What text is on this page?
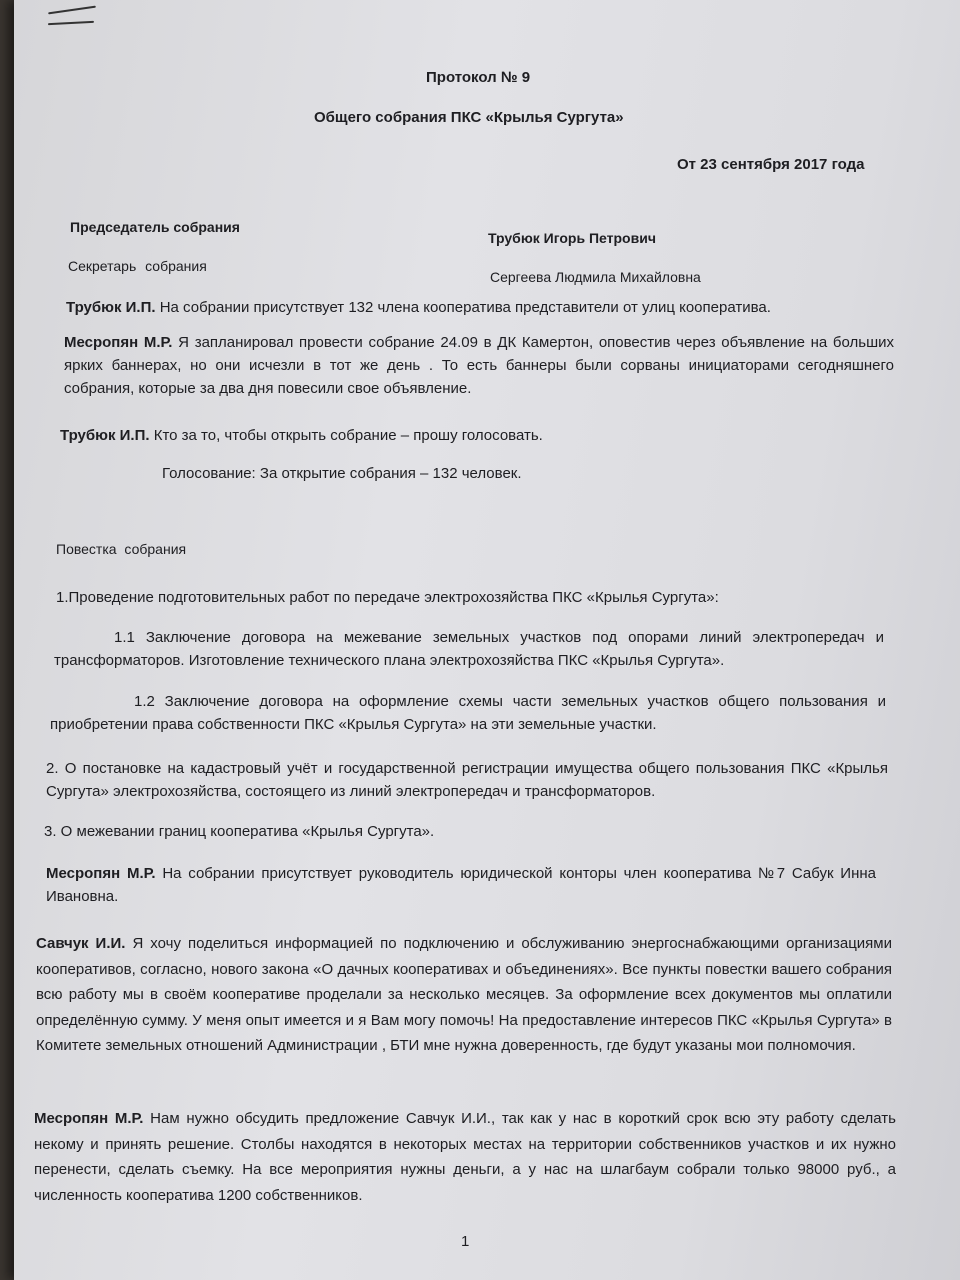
Протокол № 9
Общего собрания ПКС «Крылья Сургута»
От 23 сентября 2017 года
Председатель собрания
Трубюк Игорь Петрович
Секретарь собрания
Сергеева Людмила Михайловна
Трубюк И.П. На собрании присутствует 132 члена кооператива представители от улиц кооператива.
Месропян М.Р. Я запланировал провести собрание 24.09 в ДК Камертон, оповестив через объявление на больших ярких баннерах, но они исчезли в тот же день . То есть баннеры были сорваны инициаторами сегодняшнего собрания, которые за два дня повесили свое объявление.
Трубюк И.П. Кто за то, чтобы открыть собрание – прошу голосовать.
Голосование: За открытие собрания – 132 человек.
Повестка собрания
1.Проведение подготовительных работ по передаче электрохозяйства ПКС «Крылья Сургута»:
1.1 Заключение договора на межевание земельных участков под опорами линий электропередач и трансформаторов. Изготовление технического плана электрохозяйства ПКС «Крылья Сургута».
1.2 Заключение договора на оформление схемы части земельных участков общего пользования и приобретении права собственности ПКС «Крылья Сургута» на эти земельные участки.
2. О постановке на кадастровый учёт и государственной регистрации имущества общего пользования ПКС «Крылья Сургута» электрохозяйства, состоящего из линий электропередач и трансформаторов.
3. О межевании границ кооператива «Крылья Сургута».
Месропян М.Р. На собрании присутствует руководитель юридической конторы член кооператива №7 Сабук Инна Ивановна.
Савчук И.И. Я хочу поделиться информацией по подключению и обслуживанию энергоснабжающими организациями кооперативов, согласно, нового закона «О дачных кооперативах и объединениях». Все пункты повестки вашего собрания всю работу мы в своём кооперативе проделали за несколько месяцев. За оформление всех документов мы оплатили определённую сумму. У меня опыт имеется и я Вам могу помочь! На предоставление интересов ПКС «Крылья Сургута» в Комитете земельных отношений Администрации , БТИ мне нужна доверенность, где будут указаны мои полномочия.
Месропян М.Р. Нам нужно обсудить предложение Савчук И.И., так как у нас в короткий срок всю эту работу сделать некому и принять решение. Столбы находятся в некоторых местах на территории собственников участков и их нужно перенести, сделать съемку. На все мероприятия нужны деньги, а у нас на шлагбаум собрали только 98000 руб., а численность кооператива 1200 собственников.
1
